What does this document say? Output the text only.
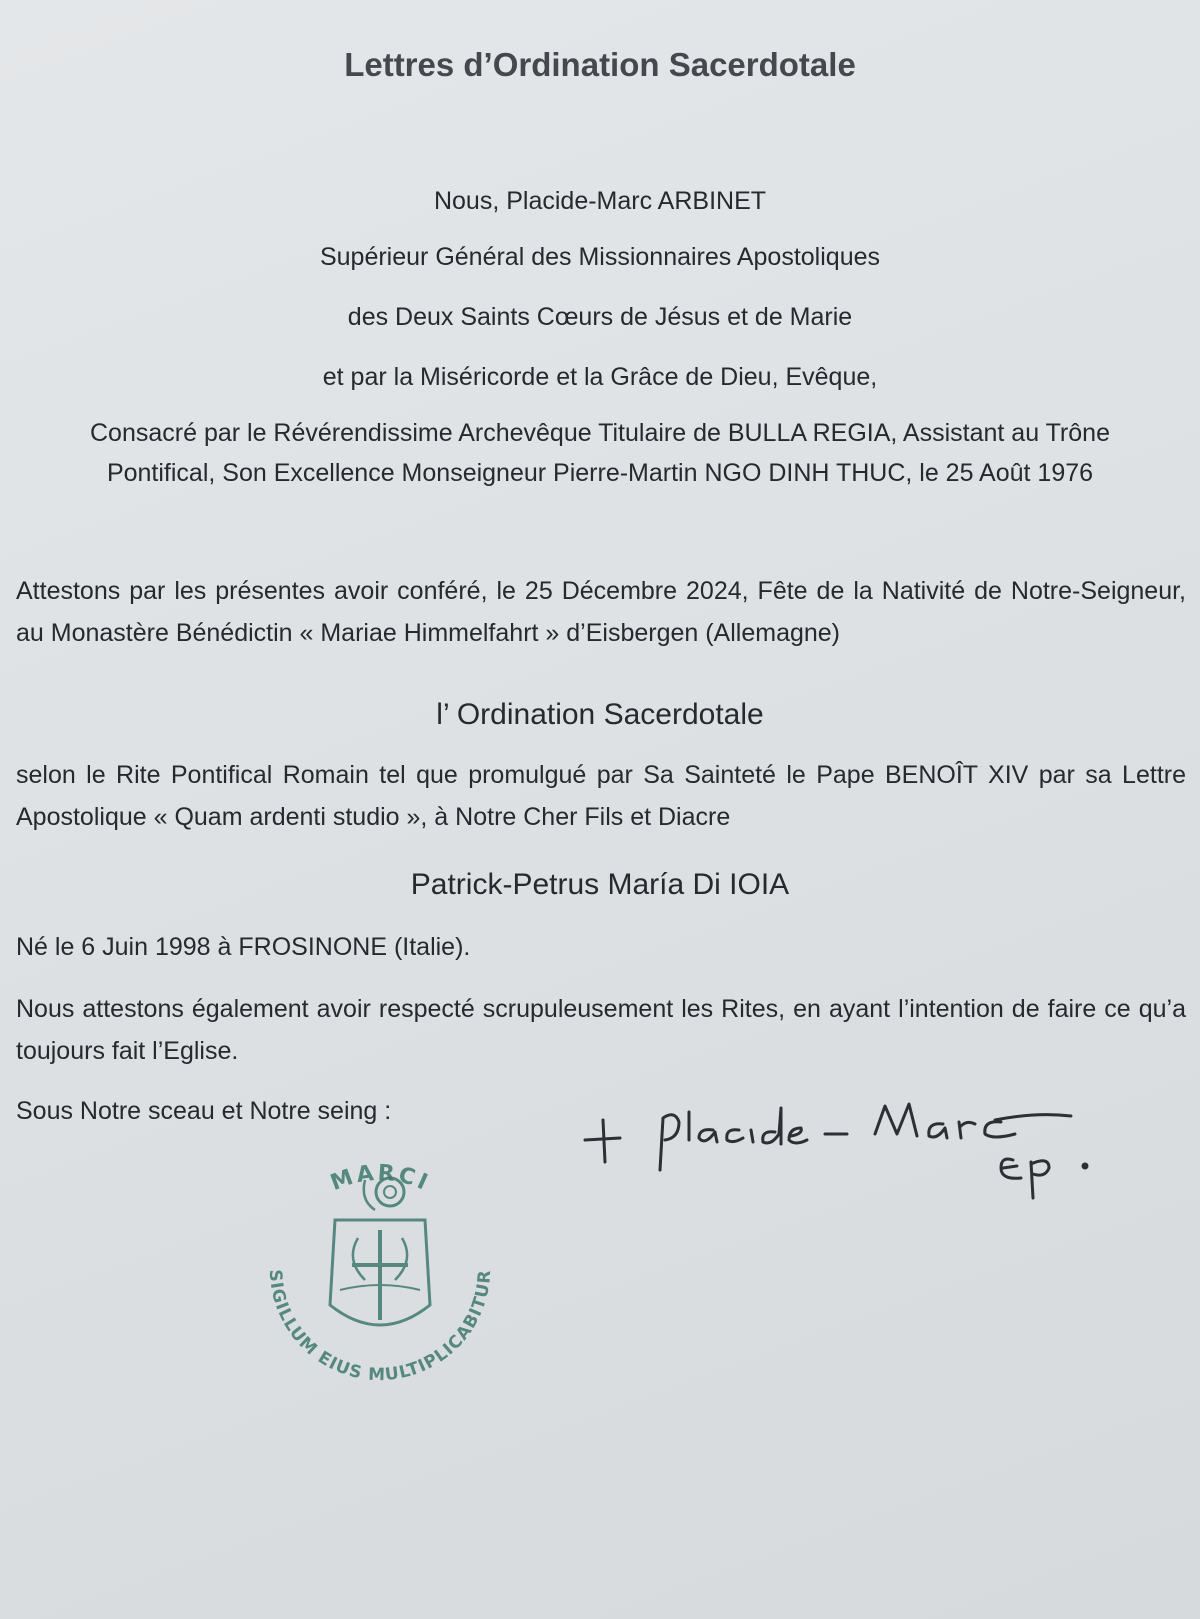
Lettres d’Ordination Sacerdotale

Nous, Placide-Marc ARBINET

Supérieur Général des Missionnaires Apostoliques

des Deux Saints Cœurs de Jésus et de Marie

et par la Miséricorde et la Grâce de Dieu, Evêque,

Consacré par le Révérendissime Archevêque Titulaire de BULLA REGIA, Assistant au Trône

Pontifical, Son Excellence Monseigneur Pierre-Martin NGO DINH THUC, le 25 Août 1976

Attestons par les présentes avoir conféré, le 25 Décembre 2024, Fête de la Nativité de Notre-Seigneur, au Monastère Bénédictin « Mariae Himmelfahrt » d’Eisbergen (Allemagne)

l’ Ordination Sacerdotale

selon le Rite Pontifical Romain tel que promulgué par Sa Sainteté le Pape BENOÎT XIV par sa Lettre Apostolique « Quam ardenti studio », à Notre Cher Fils et Diacre

Patrick-Petrus María Di IOIA

Né le 6 Juin 1998 à FROSINONE (Italie).

Nous attestons également avoir respecté scrupuleusement les Rites, en ayant l’intention de faire ce qu’a toujours fait l’Eglise.

Sous Notre sceau et Notre seing :

MARCI
SIGILLUM EIUS MULTIPLICABITUR
